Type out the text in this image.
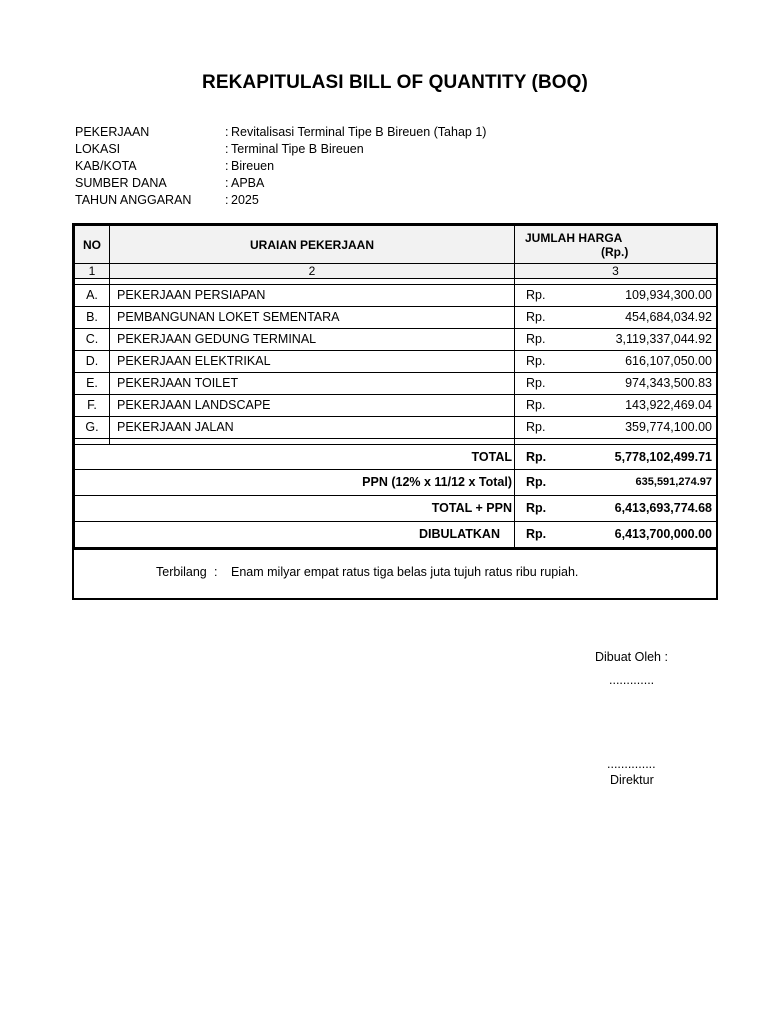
REKAPITULASI BILL OF QUANTITY (BOQ)
PEKERJAAN	: Revitalisasi Terminal Tipe B Bireuen (Tahap 1)
LOKASI	: Terminal Tipe B Bireuen
KAB/KOTA	: Bireuen
SUMBER DANA	: APBA
TAHUN ANGGARAN	: 2025
NO	URAIAN PEKERJAAN	JUMLAH HARGA
(Rp.)

1	2	3

A.	PEKERJAAN PERSIAPAN	Rp. 109,934,300.00

B.	PEMBANGUNAN LOKET SEMENTARA	Rp. 454,684,034.92

C.	PEKERJAAN GEDUNG TERMINAL	Rp. 3,119,337,044.92

D.	PEKERJAAN ELEKTRIKAL	Rp. 616,107,050.00

E.	PEKERJAAN TOILET	Rp. 974,343,500.83

F.	PEKERJAAN LANDSCAPE	Rp. 143,922,469.04

G.	PEKERJAAN JALAN	Rp. 359,774,100.00

TOTAL		Rp. 5,778,102,499.71

PPN (12% x 11/12 x Total)		Rp. 635,591,274.97

TOTAL + PPN		Rp. 6,413,693,774.68

DIBULATKAN		Rp. 6,413,700,000.00
Terbilang : Enam milyar empat ratus tiga belas juta tujuh ratus ribu rupiah.
Dibuat Oleh :
.............
..............
Direktur
